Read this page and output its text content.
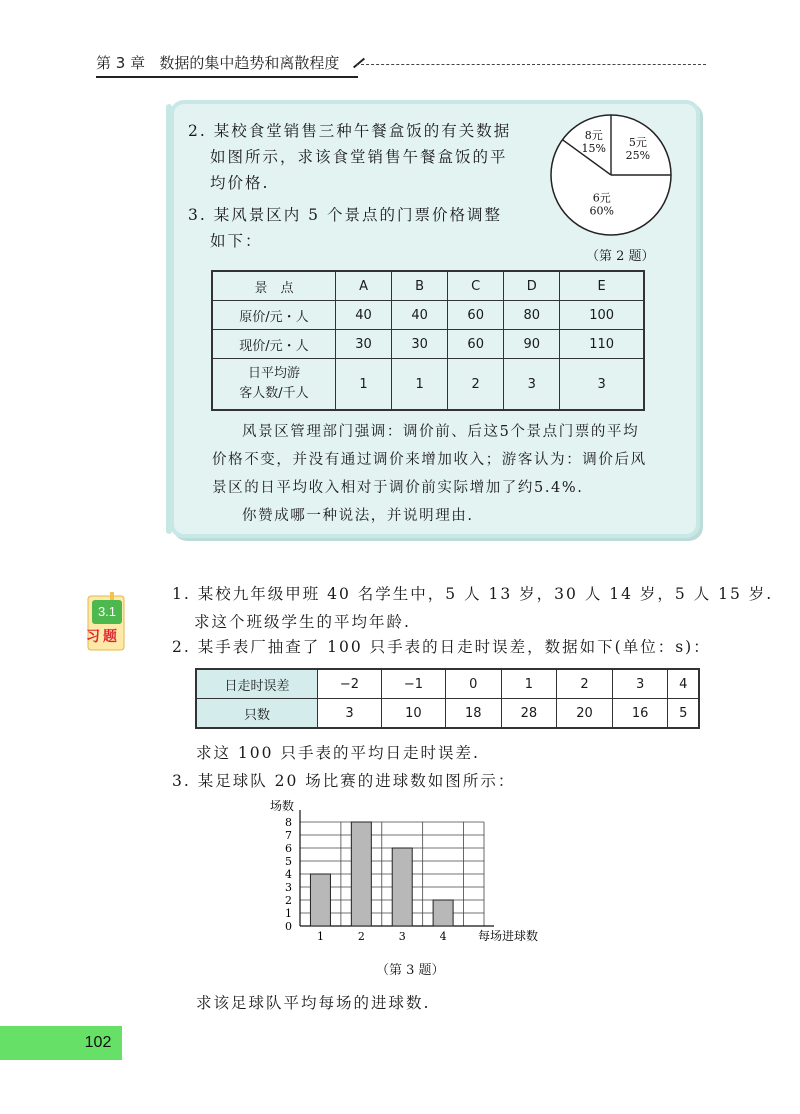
第 3 章 数据的集中趋势和离散程度
2. 某校食堂销售三种午餐盒饭的有关数据
如图所示，求该食堂销售午餐盒饭的平
均价格.
3. 某风景区内 5 个景点的门票价格调整
如下：
8元
15% 5元
25%
6元
60%
（第 2 题）
景　点	A	B	C	D	E
原价/元・人	40	40	60	80	100
现价/元・人	30	30	60	90	110
日平均游
客人数/千人	1	1	2	3	3
风景区管理部门强调：调价前、后这5个景点门票的平均
价格不变，并没有通过调价来增加收入；游客认为：调价后风
景区的日平均收入相对于调价前实际增加了约5.4%.
你赞成哪一种说法，并说明理由.
3.1
习题
1. 某校九年级甲班 40 名学生中，5 人 13 岁，30 人 14 岁，5 人 15 岁.
求这个班级学生的平均年龄.
2. 某手表厂抽查了 100 只手表的日走时误差，数据如下(单位：s)：
日走时误差	−2	−1	0	1	2	3	4
只数	3	10	18	28	20	16	5
求这 100 只手表的平均日走时误差.
3. 某足球队 20 场比赛的进球数如图所示：
0
1
2
3
4
5
6
7
8
1	2	3	4
场数
每场进球数
（第 3 题）
求该足球队平均每场的进球数.
102
